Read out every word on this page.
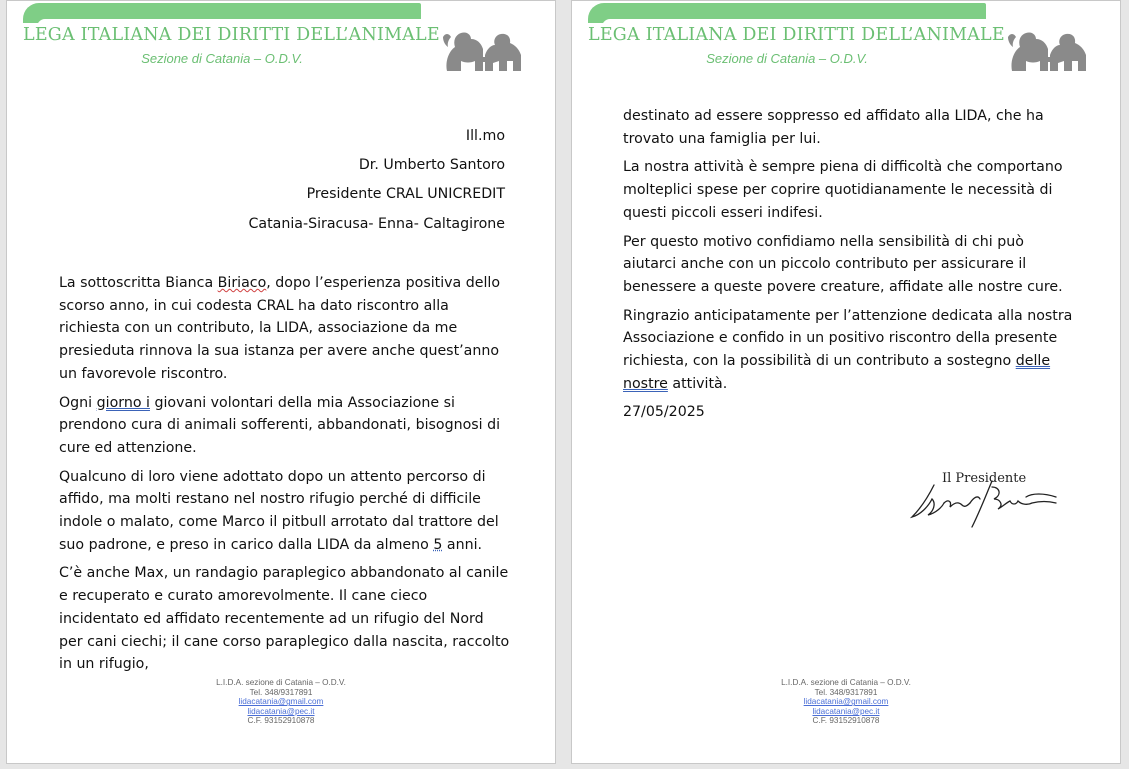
LEGA ITALIANA DEI DIRITTI DELL’ANIMALE
Sezione di Catania – O.D.V.
Ill.mo
Dr. Umberto Santoro
Presidente CRAL UNICREDIT
Catania-Siracusa- Enna- Caltagirone

La sottoscritta Bianca Biriaco, dopo l’esperienza positiva dello scorso anno, in cui codesta CRAL ha dato riscontro alla richiesta con un contributo, la LIDA, associazione da me presieduta rinnova la sua istanza per avere anche quest’anno un favorevole riscontro.

Ogni giorno i giovani volontari della mia Associazione si prendono cura di animali sofferenti, abbandonati, bisognosi di cure ed attenzione.

Qualcuno di loro viene adottato dopo un attento percorso di affido, ma molti restano nel nostro rifugio perché di difficile indole o malato, come Marco il pitbull arrotato dal trattore del suo padrone, e preso in carico dalla LIDA da almeno 5 anni.

C’è anche Max, un randagio paraplegico abbandonato al canile e recuperato e curato amorevolmente. Il cane cieco incidentato ed affidato recentemente ad un rifugio del Nord per cani ciechi; il cane corso paraplegico dalla nascita, raccolto in un rifugio,

L.I.D.A. sezione di Catania – O.D.V.
Tel. 348/9317891
lidacatania@gmail.com
lidacatania@pec.it
C.F. 93152910878
LEGA ITALIANA DEI DIRITTI DELL’ANIMALE
Sezione di Catania – O.D.V.

destinato ad essere soppresso ed affidato alla LIDA, che ha trovato una famiglia per lui.

La nostra attività è sempre piena di difficoltà che comportano molteplici spese per coprire quotidianamente le necessità di questi piccoli esseri indifesi.

Per questo motivo confidiamo nella sensibilità di chi può aiutarci anche con un piccolo contributo per assicurare il benessere a queste povere creature, affidate alle nostre cure.

Ringrazio anticipatamente per l’attenzione dedicata alla nostra Associazione e confido in un positivo riscontro della presente richiesta, con la possibilità di un contributo a sostegno delle nostre attività.

27/05/2025

Il Presidente
L.I.D.A. sezione di Catania – O.D.V.
Tel. 348/9317891
lidacatania@gmail.com
lidacatania@pec.it
C.F. 93152910878
